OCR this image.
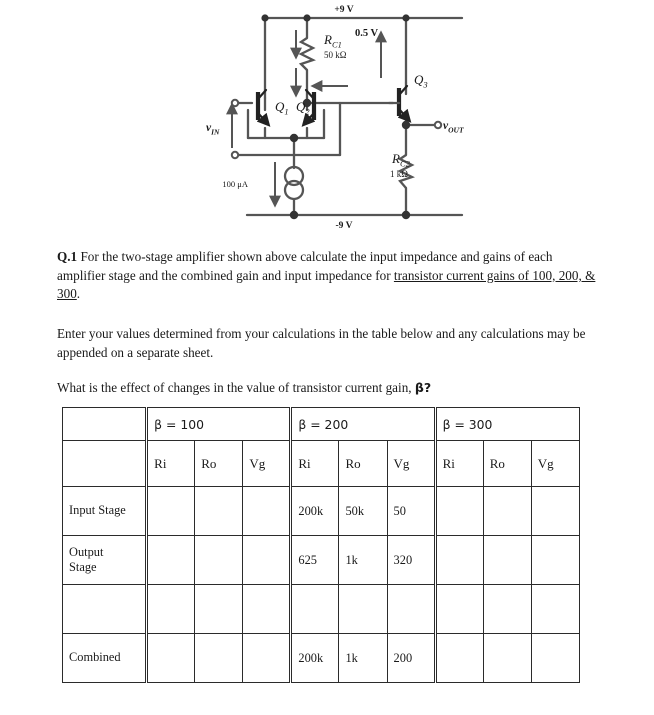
+9 V
-9 V
$R_{C1}$
50 kΩ
$R_{C2}$
1 kΩ
0.5 V
100 μA
$Q_1$ $Q_2$
$Q_3$
$v_{IN}$	$v_{OUT}$
Q.1 For the two-stage amplifier shown above calculate the input impedance and gains of each amplifier stage and the combined gain and input impedance for transistor current gains of 100, 200, & 300.
Enter your values determined from your calculations in the table below and any calculations may be appended on a separate sheet.
What is the effect of changes in the value of transistor current gain, β?
	β = 100			β = 200			β = 300		
	Ri	Ro	Vg	Ri	Ro	Vg	Ri	Ro	Vg
Input Stage				200k	50k	50			
Output
Stage				625	1k	320			

Combined				200k	1k	200			
